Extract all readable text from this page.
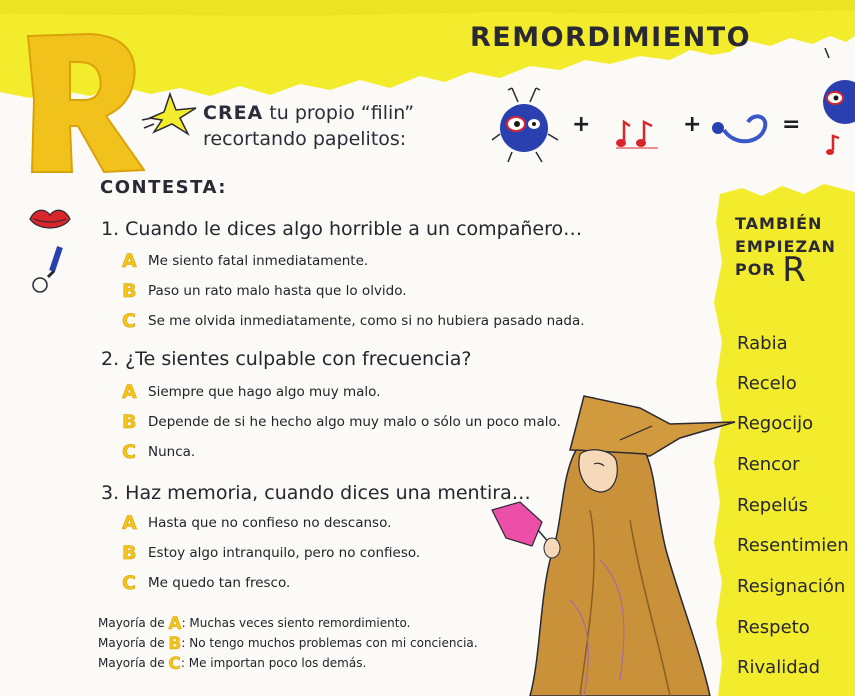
REMORDIMIENTO
CREA tu propio “filin”
recortando papelitos:
+	+	=
CONTESTA:
1. Cuando le dices algo horrible a un compañero…
A Me siento fatal inmediatamente.
B Paso un rato malo hasta que lo olvido.
C Se me olvida inmediatamente, como si no hubiera pasado nada.
2. ¿Te sientes culpable con frecuencia?
A Siempre que hago algo muy malo.
B Depende de si he hecho algo muy malo o sólo un poco malo.
C Nunca.
3. Haz memoria, cuando dices una mentira…
A Hasta que no confieso no descanso.
B Estoy algo intranquilo, pero no confieso.
C Me quedo tan fresco.
Mayoría de A: Muchas veces siento remordimiento.
Mayoría de B: No tengo muchos problemas con mi conciencia.
Mayoría de C: Me importan poco los demás.
TAMBIÉN
EMPIEZAN
POR R
Rabia
Recelo
Regocijo
Rencor
Repelús
Resentimien
Resignación
Respeto
Rivalidad
